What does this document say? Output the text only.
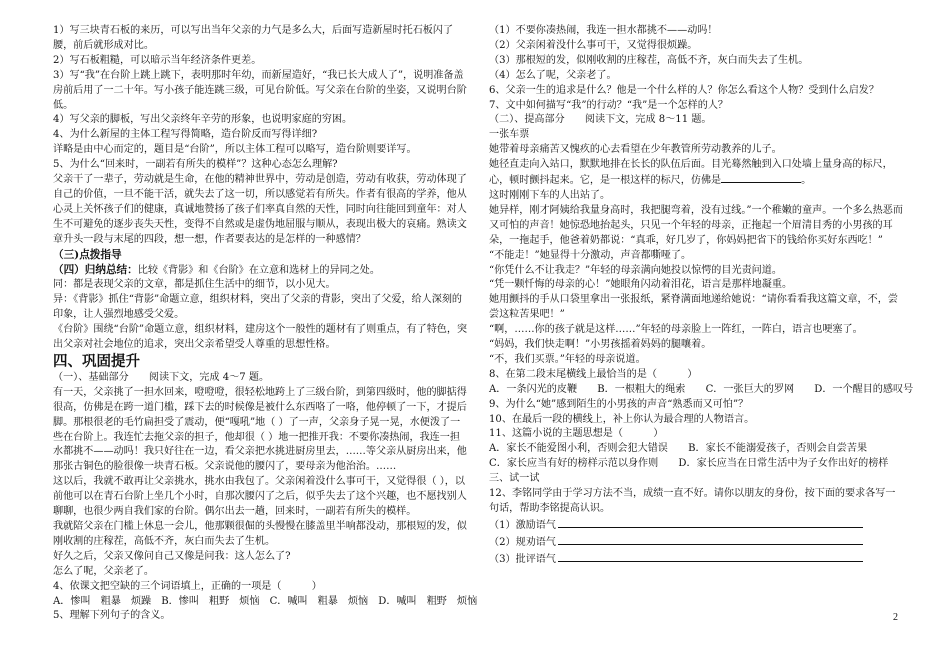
1）写三块青石板的来历，可以写出当年父亲的力气是多么大，后面写造新屋时托石板闪了腰，前后就形成对比。

2）写石板粗糙，可以暗示当年经济条件更差。

3）写“我”在台阶上跳上跳下，表明那时年幼，而新屋造好，“我已长大成人了”，说明准备盖房前后用了一二十年。写小孩子能连跳三级，可见台阶低。写父亲在台阶的坐姿，又说明台阶低。

4）写父亲的脚板，写出父亲终年辛劳的形象，也说明家庭的穷困。

4、为什么新屋的主体工程写得简略，造台阶反而写得详细?

详略是由中心而定的，题目是“台阶”，所以主体工程可以略写，造台阶则要详写。

5、为什么“回来时，一副若有所失的模样”？这种心态怎么理解?

父亲干了一辈子，劳动就是生命，在他的精神世界中，劳动是创造，劳动有收获，劳动体现了自己的价值，一旦不能干活，就失去了这一切，所以感觉若有所失。作者有很高的学养，他从心灵上关怀孩子们的健康，真诚地赞扬了孩子们率真自然的天性，同时向往能回到童年：对人生不可避免的逐步丧失天性，变得不自然或是虚伪地屈服与顺从，表现出极大的哀痛。熟读文章升头一段与末尾的四段，想一想，作者要表达的是怎样的一种感情？

（三)点拨指导

（四）归纳总结：比较《背影》和《台阶》在立意和选材上的异同之处。

同：都是表现父亲的文章，都是抓住生活中的细节，以小见大。

异：《背影》抓住“背影”命题立意，组织材料，突出了父亲的背影，突出了父爱，给人深刻的印象，让人强烈地感受父爱。

《台阶》围绕“台阶”命题立意，组织材料，建房这个一般性的题材有了则重点，有了特色，突出父亲对社会地位的追求，突出父亲希望受人尊重的思想性格。

四、巩固提升

（一）、基础部分　　阅读下文，完成 4～7 题。

有一天，父亲挑了一担水回来，噔噔噔，很轻松地跨上了三级台阶，到第四级时，他的脚掂得很高，仿佛是在跨一道门槛，踩下去的时候像是被什么东西咯了一咯，他停顿了一下，才提后脚。那根很老的毛竹扁担受了震动，便“嘎吼”地（ ）了一声，父亲身子晃一晃，水便泼了一些在台阶上。我连忙去拖父亲的担子，他却很（ ）地一把推开我：不要你凑热闹，我连一担水都挑不——动吗！我只好往在一边，看父亲把水挑进厨房里去，……等父亲从厨房出来，他那张古铜色的脸很像一块青石板。父亲说他的腰闪了，要母亲为他治治。……

这以后，我就不敢再让父亲挑水，挑水由我包了。父亲闲着没什么事可干，又觉得很（ ），以前他可以在青石台阶上坐几个小时，自那次腰闪了之后，似乎失去了这个兴趣，也不愿找别人聊聊，也很少两自我们家的台阶。偶尔出去一趟，回来时，一副若有所失的模样。

我就陪父亲在门槛上休息一会儿，他那颗很倔的头慢慢在膝盖里半响都没动，那根短的发，似刚收割的庄稼茬，高低不齐，灰白而失去了生机。

好久之后，父亲又像问自己又像是问我：这人怎么了?

怎么了呢，父亲老了。

4、依课文把空缺的三个词语填上，正确的一项是（　　　）

A．惨叫　粗暴　烦躁　B．惨叫　粗野　烦恼　C．喊叫　粗暴　烦恼　D．喊叫　粗野　烦恼

5、理解下列句子的含义。

（1）不要你凑热闹，我连一担水都挑不——动吗！

（2）父亲闲着没什么事可干，又觉得很烦躁。

（3）那根短的发，似刚收割的庄稼茬，高低不齐，灰白而失去了生机。

（4）怎么了呢，父亲老了。

6、父亲一生的追求是什么？他是一个什么样的人？你怎么看这个人物？受到什么启发？

7、文中如何描写“我”的行动？“我”是一个怎样的人？

（二）、提高部分　　阅读下文，完成 8～11 题。

一张车票

她带着母亲痛苦又愧疚的心去看望在少年教管所劳动教养的儿子。

她径直走向入站口，默默地排在长长的队伍后面。目光蓦然触到入口处墙上量身高的标尺，心，顿时颤抖起来。它，是一根这样的标尺，仿佛是	。

这时刚刚下车的人出站了。

她异样，刚才阿姨给我量身高时，我把腿弯着，没有过线。”一个稚嫩的童声。一个多么热恶而又可怕的声音！她惊恐地抬起头，只见一个年轻的母亲，正拖起一个眉清目秀的小男孩的耳朵，一拖起手，他爸着奶都说：“真乖，好几岁了，你妈妈把省下的钱给你买好东西吃！”

“不能走！”她显得十分激动，声音都嘶哑了。

“你凭什么不让我走？”年轻的母亲满向她投以惊愕的目光责问道。

“凭一颗忏悔的母亲的心！”她眼角闪动着泪花，语言是那样地凝重。

她用颤抖的手从口袋里拿出一张报纸，紧脊满面地递给她说：“请你看看我这篇文章，不，尝尝这粒苦果吧！”

“啊，……你的孩子就是这样……”年轻的母亲脸上一阵红，一阵白，语言也哽塞了。

“妈妈，我们快走啊！”小男孩摇着妈妈的腿嚷着。

“不，我们买票。”年轻的母亲说道。

8、在第二段末尾横线上最恰当的是（　　　）

A．一条闪光的皮鞭　　B．一根粗大的绳索　　C．一张巨大的罗网　　D．一个醒目的感叹号

9、为什么“她”感到陌生的小男孩的声音“熟悉而又可怕”？

10、在最后一段的横线上，补上你认为最合理的人物语言。

11、这篇小说的主题思想是（　　　）

A．家长不能爱图小利，否则会犯大错误　　B．家长不能溺爱孩子，否则会自尝苦果

C．家长应当有好的榜样示范以身作则　　D．家长应当在日常生活中为子女作出好的榜样

三、试一试

12、李铭同学由于学习方法不当，成绩一直不好。请你以朋友的身份，按下面的要求各写一句话，帮助李铭提高认识。

（1）激励语气

（2）规劝语气

（3）批评语气

2
